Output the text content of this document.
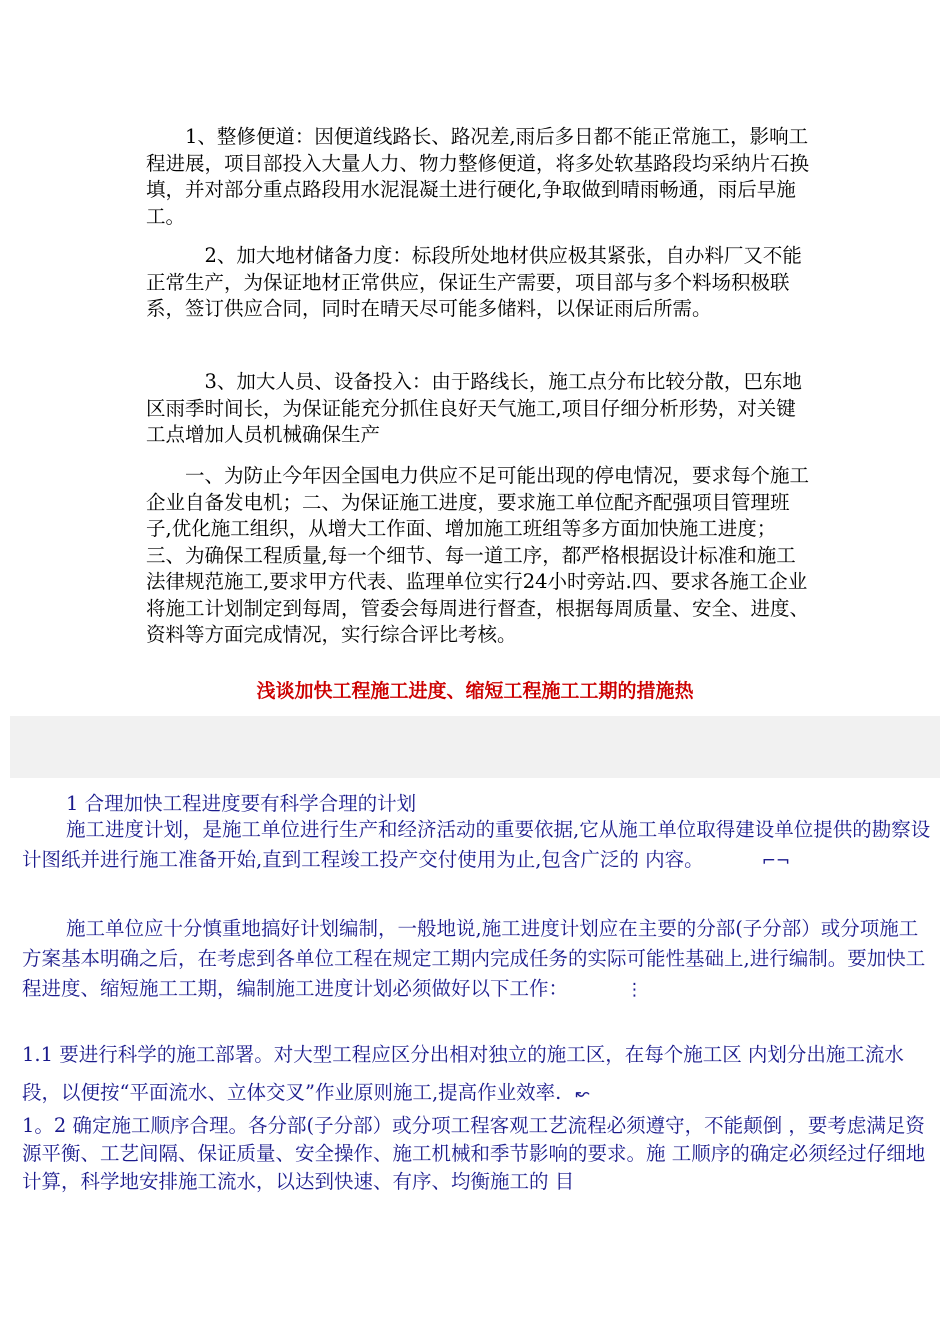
　　1、整修便道：因便道线路长、路况差,雨后多日都不能正常施工，影响工程进展，项目部投入大量人力、物力整修便道，将多处软基路段均采纳片石换填，并对部分重点路段用水泥混凝土进行硬化,争取做到晴雨畅通，雨后早施工。

　　　2、加大地材储备力度：标段所处地材供应极其紧张，自办料厂又不能正常生产，为保证地材正常供应，保证生产需要，项目部与多个料场积极联系，签订供应合同，同时在晴天尽可能多储料，以保证雨后所需。

　　　3、加大人员、设备投入：由于路线长，施工点分布比较分散，巴东地区雨季时间长，为保证能充分抓住良好天气施工,项目仔细分析形势，对关键工点增加人员机械确保生产

　　一、为防止今年因全国电力供应不足可能出现的停电情况，要求每个施工企业自备发电机；二、为保证施工进度，要求施工单位配齐配强项目管理班子,优化施工组织，从增大工作面、增加施工班组等多方面加快施工进度；三、为确保工程质量,每一个细节、每一道工序，都严格根据设计标准和施工法律规范施工,要求甲方代表、监理单位实行24小时旁站.四、要求各施工企业将施工计划制定到每周，管委会每周进行督查，根据每周质量、安全、进度、资料等方面完成情况，实行综合评比考核。

浅谈加快工程施工进度、缩短工程施工工期的措施热

1 合理加快工程进度要有科学合理的计划

施工进度计划，是施工单位进行生产和经济活动的重要依据,它从施工单位取得建设单位提供的勘察设计图纸并进行施工准备开始,直到工程竣工投产交付使用为止,包含广泛的 内容。	⌐¬

施工单位应十分慎重地搞好计划编制，一般地说,施工进度计划应在主要的分部(子分部）或分项施工方案基本明确之后，在考虑到各单位工程在规定工期内完成任务的实际可能性基础上,进行编制。要加快工程进度、缩短施工工期，编制施工进度计划必须做好以下工作：	⋮

1.1 要进行科学的施工部署。对大型工程应区分出相对独立的施工区，在每个施工区 内划分出施工流水段，以便按“平面流水、立体交叉”作业原则施工,提高作业效率. ↜

1。2 确定施工顺序合理。各分部(子分部）或分项工程客观工艺流程必须遵守，不能颠倒 ，要考虑满足资源平衡、工艺间隔、保证质量、安全操作、施工机械和季节影响的要求。施 工顺序的确定必须经过仔细地计算，科学地安排施工流水，以达到快速、有序、均衡施工的 目
